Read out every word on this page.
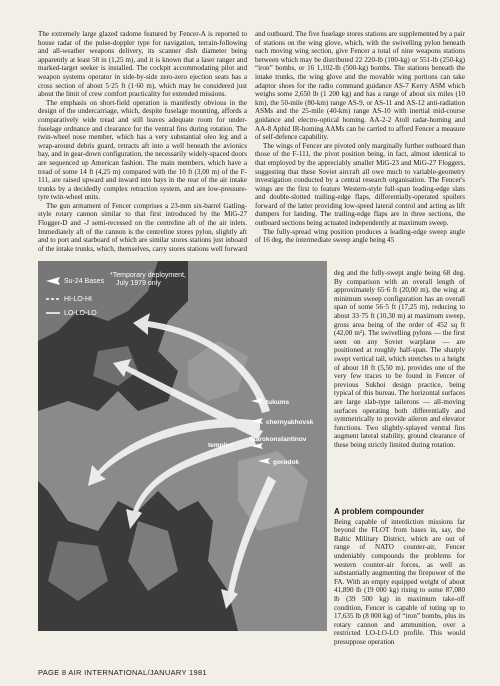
The extremely large glazed radome featured by Fencer-A is reported to house radar of the pulse-doppler type for navigation, terrain-following and all-weather weapons delivery, its scanner dish diameter being apparently at least 50 in (1,25 m), and it is known that a laser ranger and marked-target seeker is installed. The cockpit accommodating pilot and weapon systems operator in side-by-side zero-zero ejection seats has a cross section of about 5·25 ft (1·60 m), which may be considered just about the limit of crew comfort practicality for extended missions.

The emphasis on short-field operation is manifestly obvious in the design of the undercarriage, which, despite fuselage mounting, affords a comparatively wide tread and still leaves adequate room for under-fuselage ordnance and clearance for the ventral fins during rotation. The twin-wheel nose member, which has a very substantial oleo leg and a wrap-around debris guard, retracts aft into a well beneath the avionics bay, and in gear-down configuration, the necessarily widely-spaced doors are sequenced up American fashion. The main members, which have a tread of some 14 ft (4,25 m) compared with the 10 ft (3,00 m) of the F-111, are raised upward and inward into bays in the rear of the air intake trunks by a decidedly complex retraction system, and are low-pressure-tyre twin-wheel units.

The gun armament of Fencer comprises a 23-mm six-barrel Gatling-style rotary cannon similar to that first introduced by the MiG-27 Flogger-D and -J semi-recessed on the centreline aft of the air inlets. Immediately aft of the cannon is the centreline stores pylon, slightly aft and to port and starboard of which are similar stores stations just inboard of the intake trunks, which, themselves, carry stores stations well forward

and outboard. The five fuselage stores stations are supplemented by a pair of stations on the wing glove, which, with the swivelling pylon beneath each moving wing section, give Fencer a total of nine weapons stations between which may be distributed 22 220-lb (100-kg) or 551-lb (250-kg) “iron” bombs, or 16 1,102-lb (500-kg) bombs. The stations beneath the intake trunks, the wing glove and the movable wing portions can take adaptor shoes for the radio command guidance AS-7 Kerry ASM which weighs some 2,650 lb (1 200 kg) and has a range of about six miles (10 km), the 50-mile (80-km) range AS-9, or AS-11 and AS-12 anti-radiation ASMs and the 25-mile (40-km) range AS-10 with inertial mid-course guidance and electro-optical homing. AA-2-2 Atoll radar-homing and AA-8 Aphid IR-homing AAMs can be carried to afford Fencer a measure of self-defence capability.

The wings of Fencer are pivoted only marginally further outboard than those of the F-111, the pivot position being, in fact, almost identical to that employed by the appreciably smaller MiG-23 and MiG-27 Floggers, suggesting that these Soviet aircraft all owe much to variable-geometry investigation conducted by a central research organisation. The Fencer's wings are the first to feature Western-style full-span leading-edge slats and double-slotted trailing-edge flaps, differentially-operated spoilers forward of the latter providing low-speed lateral control and acting as lift dumpers for landing. The trailing-edge flaps are in three sections, the outboard sections being actuated independently at maximum sweep.

The fully-spread wing position produces a leading-edge sweep angle of 16 deg, the intermediate sweep angle being 45

deg and the fully-swept angle being 68 deg. By comparison with an overall length of approximately 65·6 ft (20,00 m), the wing at minimum sweep configuration has an overall span of some 56·5 ft (17,25 m), reducing to about 33·75 ft (10,30 m) at maximum sweep, gross area being of the order of 452 sq ft (42,00 m²). The swivelling pylons — the first seen on any Soviet warplane — are positioned at roughly half-span. The sharply swept vertical tail, which stretches to a height of about 18 ft (5,50 m), provides one of the very few traces to be found in Fencer of previous Sukhoi design practice, being typical of this bureau. The horizontal surfaces are large slab-type tailerons — all-moving surfaces operating both differentially and symmetrically to provide aileron and elevator functions. Two slightly-splayed ventral fins augment lateral stability, ground clearance of these being strictly limited during rotation.

A problem compounder

Being capable of interdiction missions far beyond the FLOT from bases in, say, the Baltic Military District, which are out of range of NATO counter-air, Fencer undeniably compounds the problems for western counter-air forces, as well as substantially augmenting the firepower of the FA. With an empty equipped weight of about 41,890 lb (19 000 kg) rising to some 87,080 lb (39 500 kg) in maximum take-off condition, Fencer is capable of toting up to 17,635 lb (8 000 kg) of “iron” bombs, plus its rotary cannon and ammunition, over a restricted LO-LO-LO profile. This would presuppose operation

Su-24 Bases
*Temporary deployment,
July 1979 only
HI-LO-HI
LO-LO-LO
tukums
chernyakhovsk
starokonstantinov
templin*
gorodok
PAGE 8 AIR INTERNATIONAL/JANUARY 1981
